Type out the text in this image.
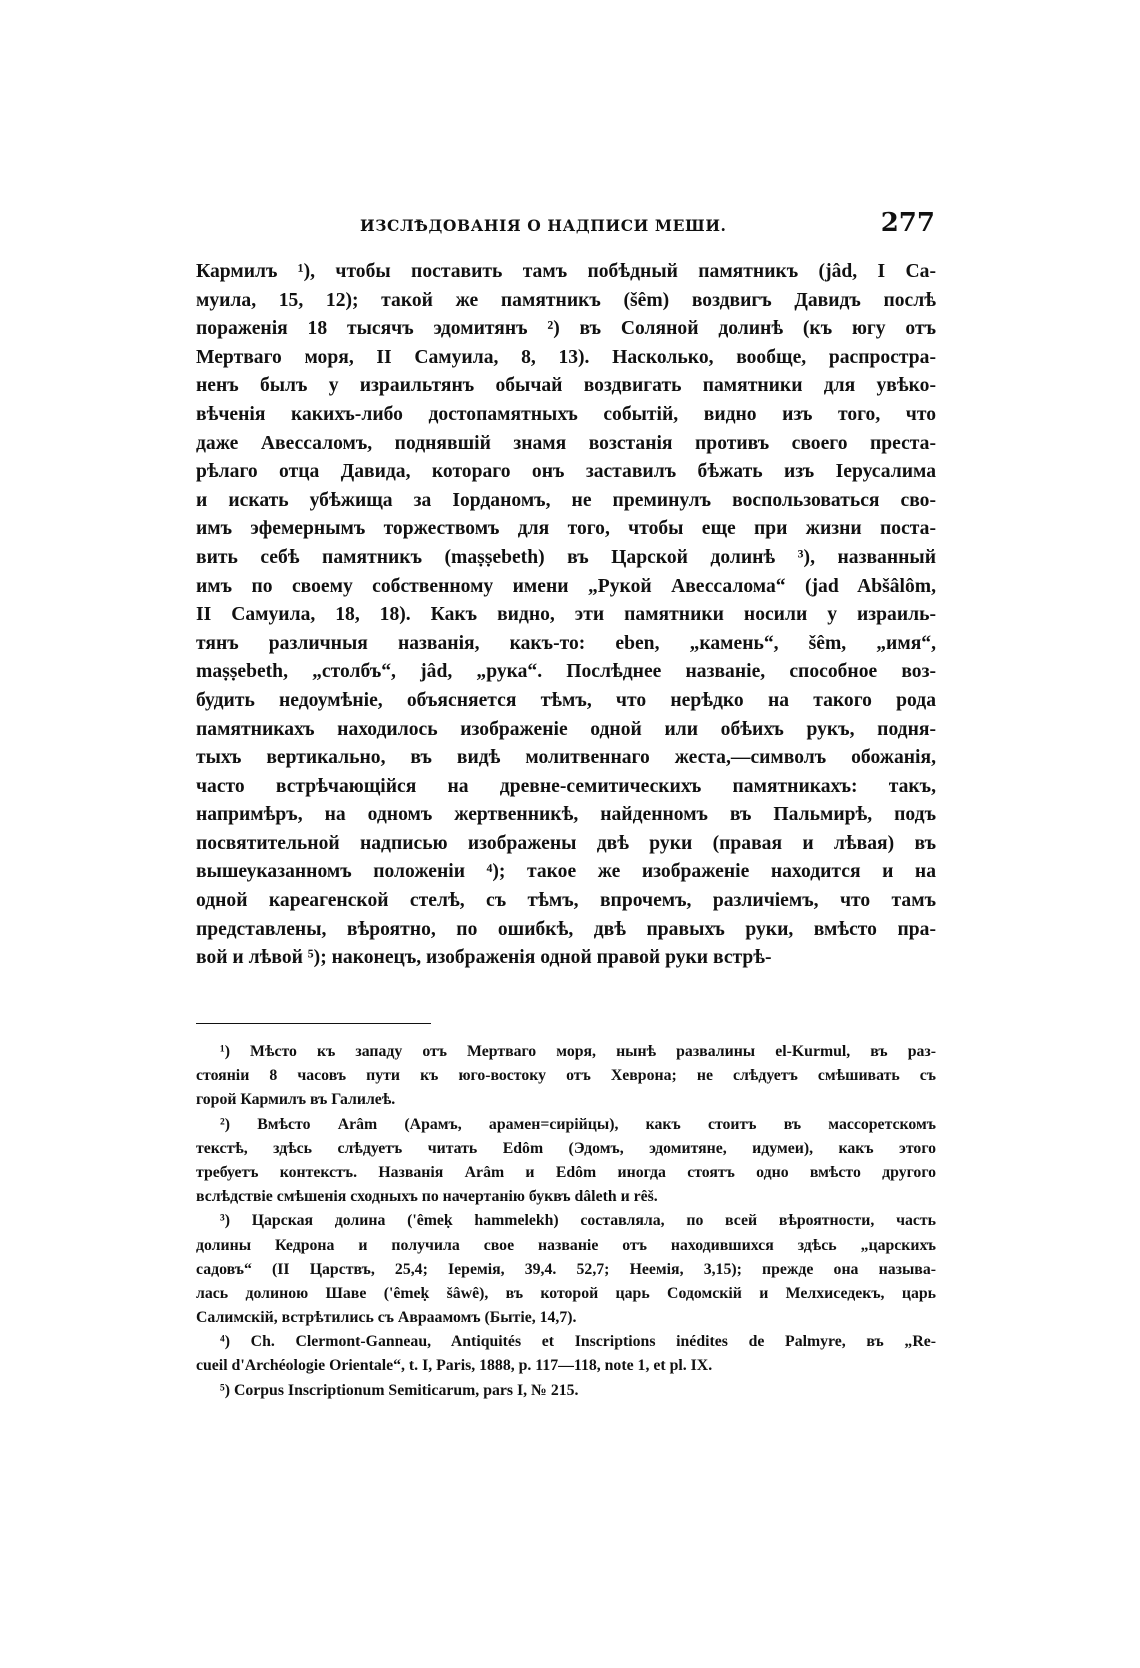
ИЗСЛѢДОВАНІЯ О НАДПИСИ МЕШИ.	277
Кармилъ ¹), чтобы поставить тамъ побѣдный памятникъ (jâd, I Са-
муила, 15, 12); такой же памятникъ (šêm) воздвигъ Давидъ послѣ
пораженія 18 тысячъ эдомитянъ ²) въ Соляной долинѣ (къ югу отъ
Мертваго моря, II Самуила, 8, 13). Насколько, вообще, распростра-
ненъ былъ у израильтянъ обычай воздвигать памятники для увѣко-
вѣченія какихъ-либо достопамятныхъ событій, видно изъ того, что
даже Авессаломъ, поднявшій знамя возстанія противъ своего преста-
рѣлаго отца Давида, котораго онъ заставилъ бѣжать изъ Іерусалима
и искать убѣжища за Іорданомъ, не преминулъ воспользоваться сво-
имъ эфемернымъ торжествомъ для того, чтобы еще при жизни поста-
вить себѣ памятникъ (maṣṣebeth) въ Царской долинѣ ³), названный
имъ по своему собственному имени „Рукой Авессалома“ (jad Abšâlôm,
II Самуила, 18, 18). Какъ видно, эти памятники носили у израиль-
тянъ различныя названія, какъ-то: eben, „камень“, šêm, „имя“,
maṣṣebeth, „столбъ“, jâd, „рука“. Послѣднее названіе, способное воз-
будить недоумѣніе, объясняется тѣмъ, что нерѣдко на такого рода
памятникахъ находилось изображеніе одной или обѣихъ рукъ, подня-
тыхъ вертикально, въ видѣ молитвеннаго жеста,—символъ обожанія,
часто встрѣчающійся на древне-семитическихъ памятникахъ: такъ,
напримѣръ, на одномъ жертвенникѣ, найденномъ въ Пальмирѣ, подъ
посвятительной надписью изображены двѣ руки (правая и лѣвая) въ
вышеуказанномъ положеніи ⁴); такое же изображеніе находится и на
одной кареагенской стелѣ, съ тѣмъ, впрочемъ, различіемъ, что тамъ
представлены, вѣроятно, по ошибкѣ, двѣ правыхъ руки, вмѣсто пра-
вой и лѣвой ⁵); наконецъ, изображенія одной правой руки встрѣ-
¹) Мѣсто къ западу отъ Мертваго моря, нынѣ развалины el-Kurmul, въ раз-
стояніи 8 часовъ пути къ юго-востоку отъ Хеврона; не слѣдуетъ смѣшивать съ
горой Кармилъ въ Галилеѣ.
²) Вмѣсто Arâm (Арамъ, арамен=сирійцы), какъ стоитъ въ массоретскомъ
текстѣ, здѣсь слѣдуетъ читать Edôm (Эдомъ, эдомитяне, идумеи), какъ этого
требуетъ контекстъ. Названія Arâm и Edôm иногда стоятъ одно вмѣсто другого
вслѣдствіе смѣшенія сходныхъ по начертанію буквъ dâleth и rêš.
³) Царская долина ('êmeḳ hammelekh) составляла, по всей вѣроятности, часть
долины Кедрона и получила свое названіе отъ находившихся здѣсь „царскихъ
садовъ“ (II Царствъ, 25,4; Іеремія, 39,4. 52,7; Неемія, 3,15); прежде она называ-
лась долиною Шаве ('êmeḳ šâwê), въ которой царь Содомскій и Мелхиседекъ, царь
Салимскій, встрѣтились съ Авраамомъ (Бытіе, 14,7).
⁴) Ch. Clermont-Ganneau, Antiquités et Inscriptions inédites de Palmyre, въ „Re-
cueil d'Archéologie Orientale“, t. I, Paris, 1888, p. 117—118, note 1, et pl. IX.
⁵) Corpus Inscriptionum Semiticarum, pars I, № 215.
